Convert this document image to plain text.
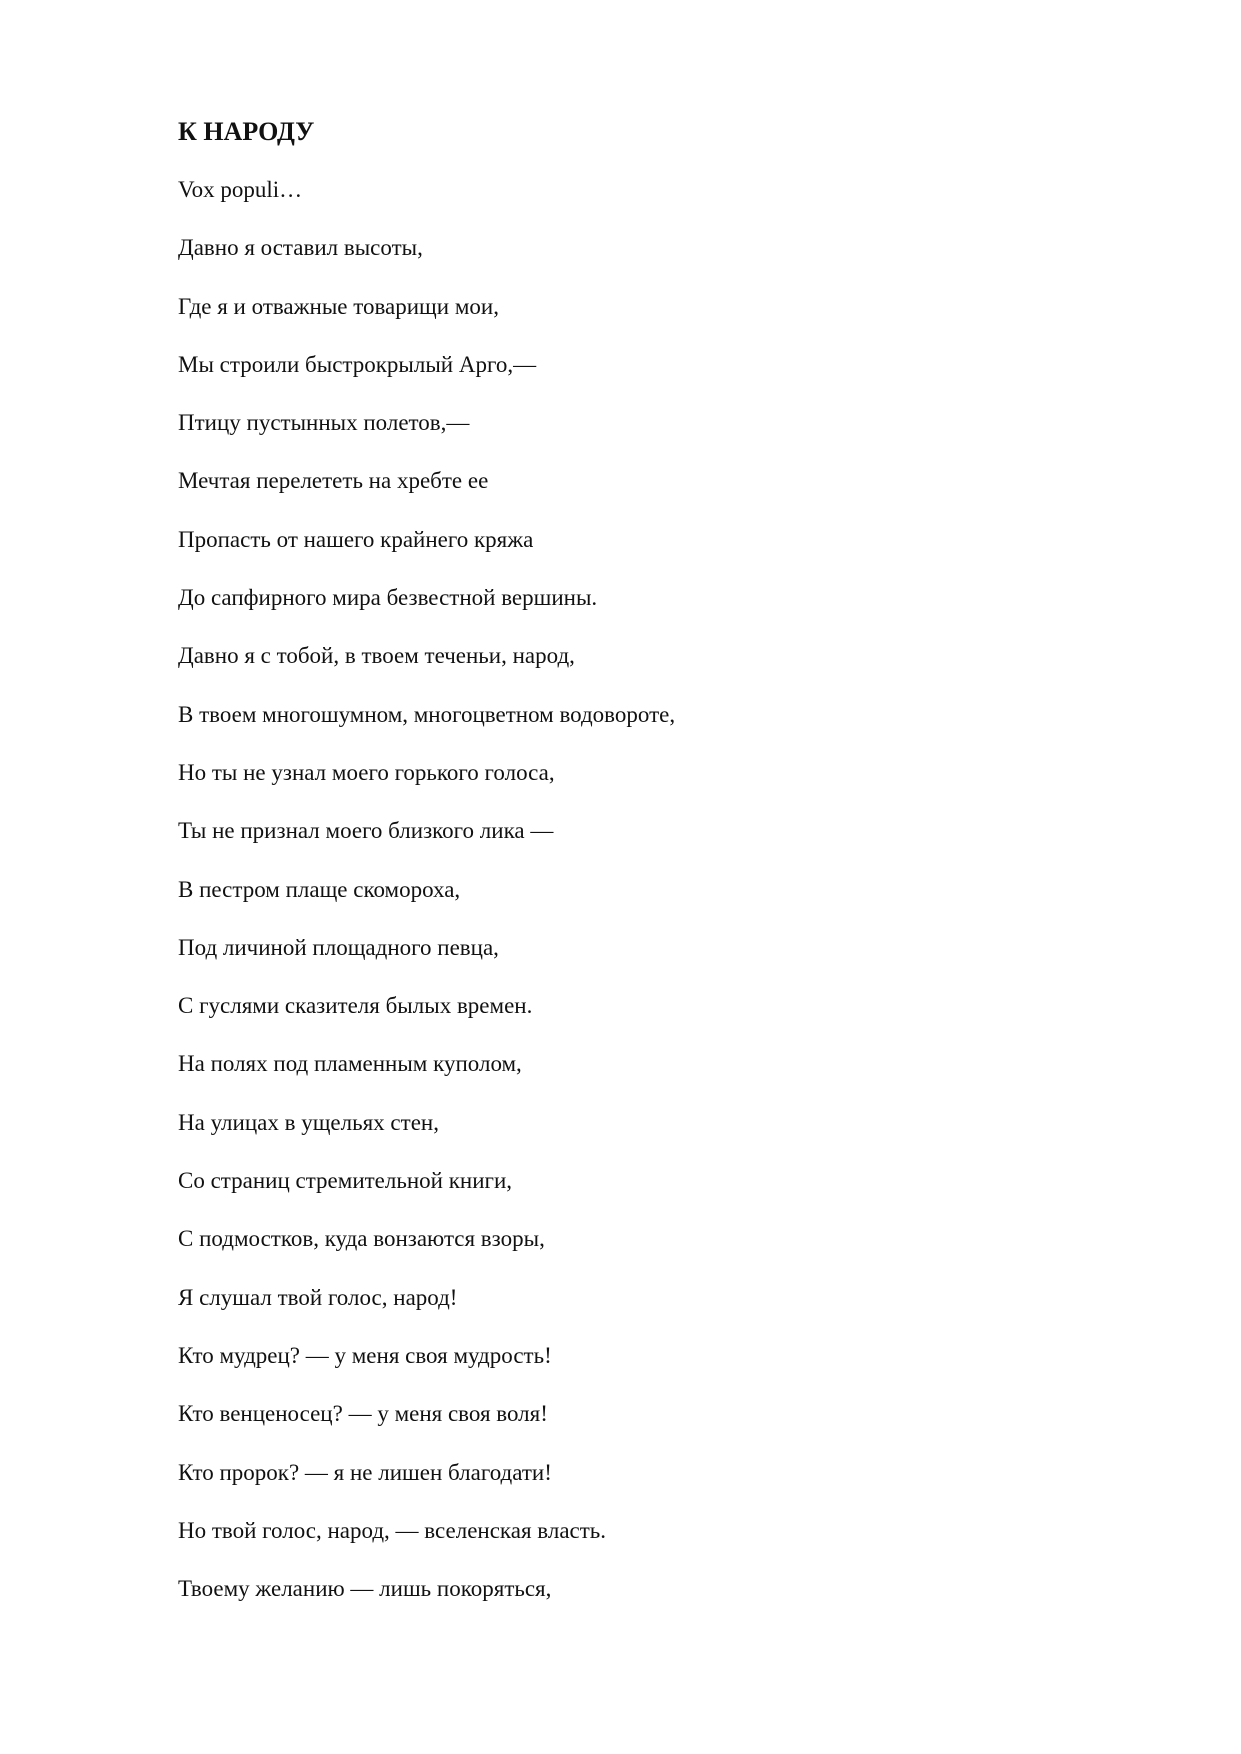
К НАРОДУ
Vox populi…
Давно я оставил высоты,
Где я и отважные товарищи мои,
Мы строили быстрокрылый Арго,—
Птицу пустынных полетов,—
Мечтая перелететь на хребте ее
Пропасть от нашего крайнего кряжа
До сапфирного мира безвестной вершины.
Давно я с тобой, в твоем теченьи, народ,
В твоем многошумном, многоцветном водовороте,
Но ты не узнал моего горького голоса,
Ты не признал моего близкого лика —
В пестром плаще скомороха,
Под личиной площадного певца,
С гуслями сказителя былых времен.
На полях под пламенным куполом,
На улицах в ущельях стен,
Со страниц стремительной книги,
С подмостков, куда вонзаются взоры,
Я слушал твой голос, народ!
Кто мудрец? — у меня своя мудрость!
Кто венценосец? — у меня своя воля!
Кто пророк? — я не лишен благодати!
Но твой голос, народ, — вселенская власть.
Твоему желанию — лишь покоряться,
